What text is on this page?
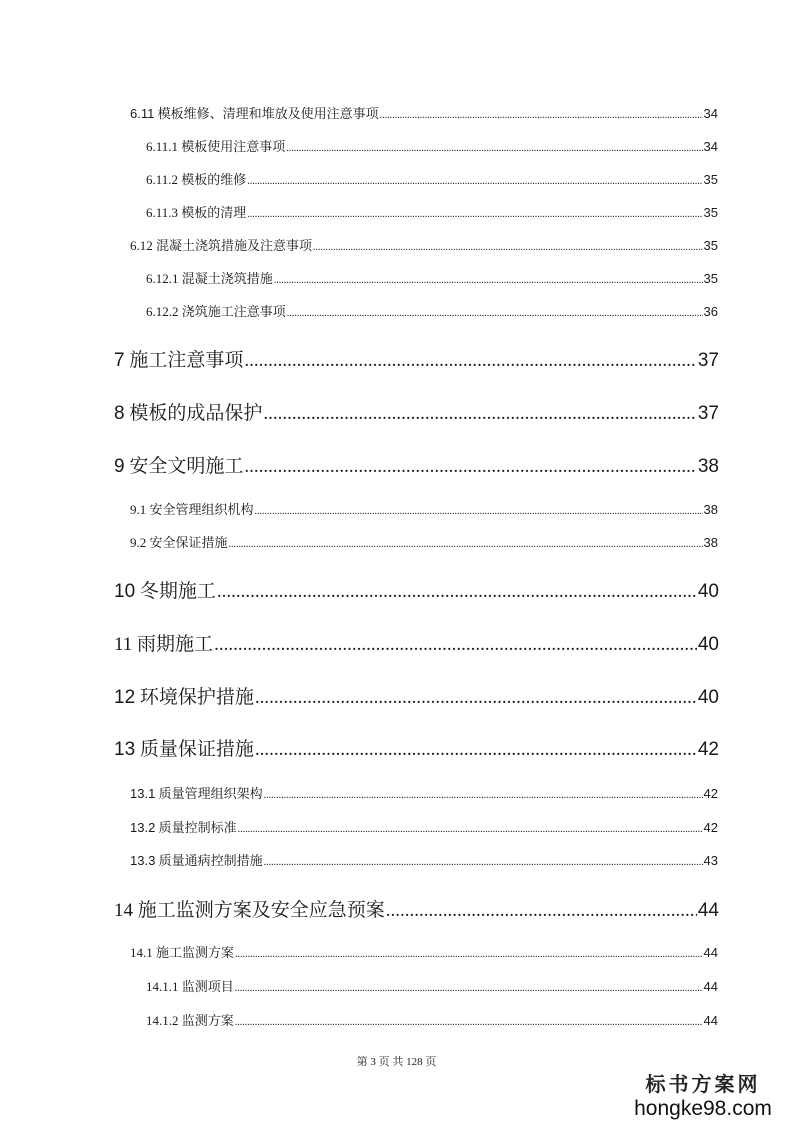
6.11
模板维修、清理和堆放及使用注意事项 .....	34
6.11.1
模板使用注意事项 .....	34
6.11.2
模板的维修 .....	35
6.11.3
模板的清理 .....	35
6.12
混凝土浇筑措施及注意事项 .....	35
6.12.1
混凝土浇筑措施 .....	35
6.12.2
浇筑施工注意事项 .....	36
7
施工注意事项 .....	37
8
模板的成品保护 .....	37
9
安全文明施工 .....	38
9.1
安全管理组织机构 .....	38
9.2
安全保证措施 .....	38
10
冬期施工 .....	40
11
雨期施工 .....	40
12
环境保护措施 .....	40
13
质量保证措施 .....	42
13.1
质量管理组织架构 .....	42
13.2
质量控制标准 .....	42
13.3
质量通病控制措施 .....	43
14
施工监测方案及安全应急预案 .....	44
14.1
施工监测方案 .....	44
14.1.1
监测项目 .....	44
14.1.2
监测方案 .....	44
第 3 页 共 128 页
标书方案网
hongke98.com
